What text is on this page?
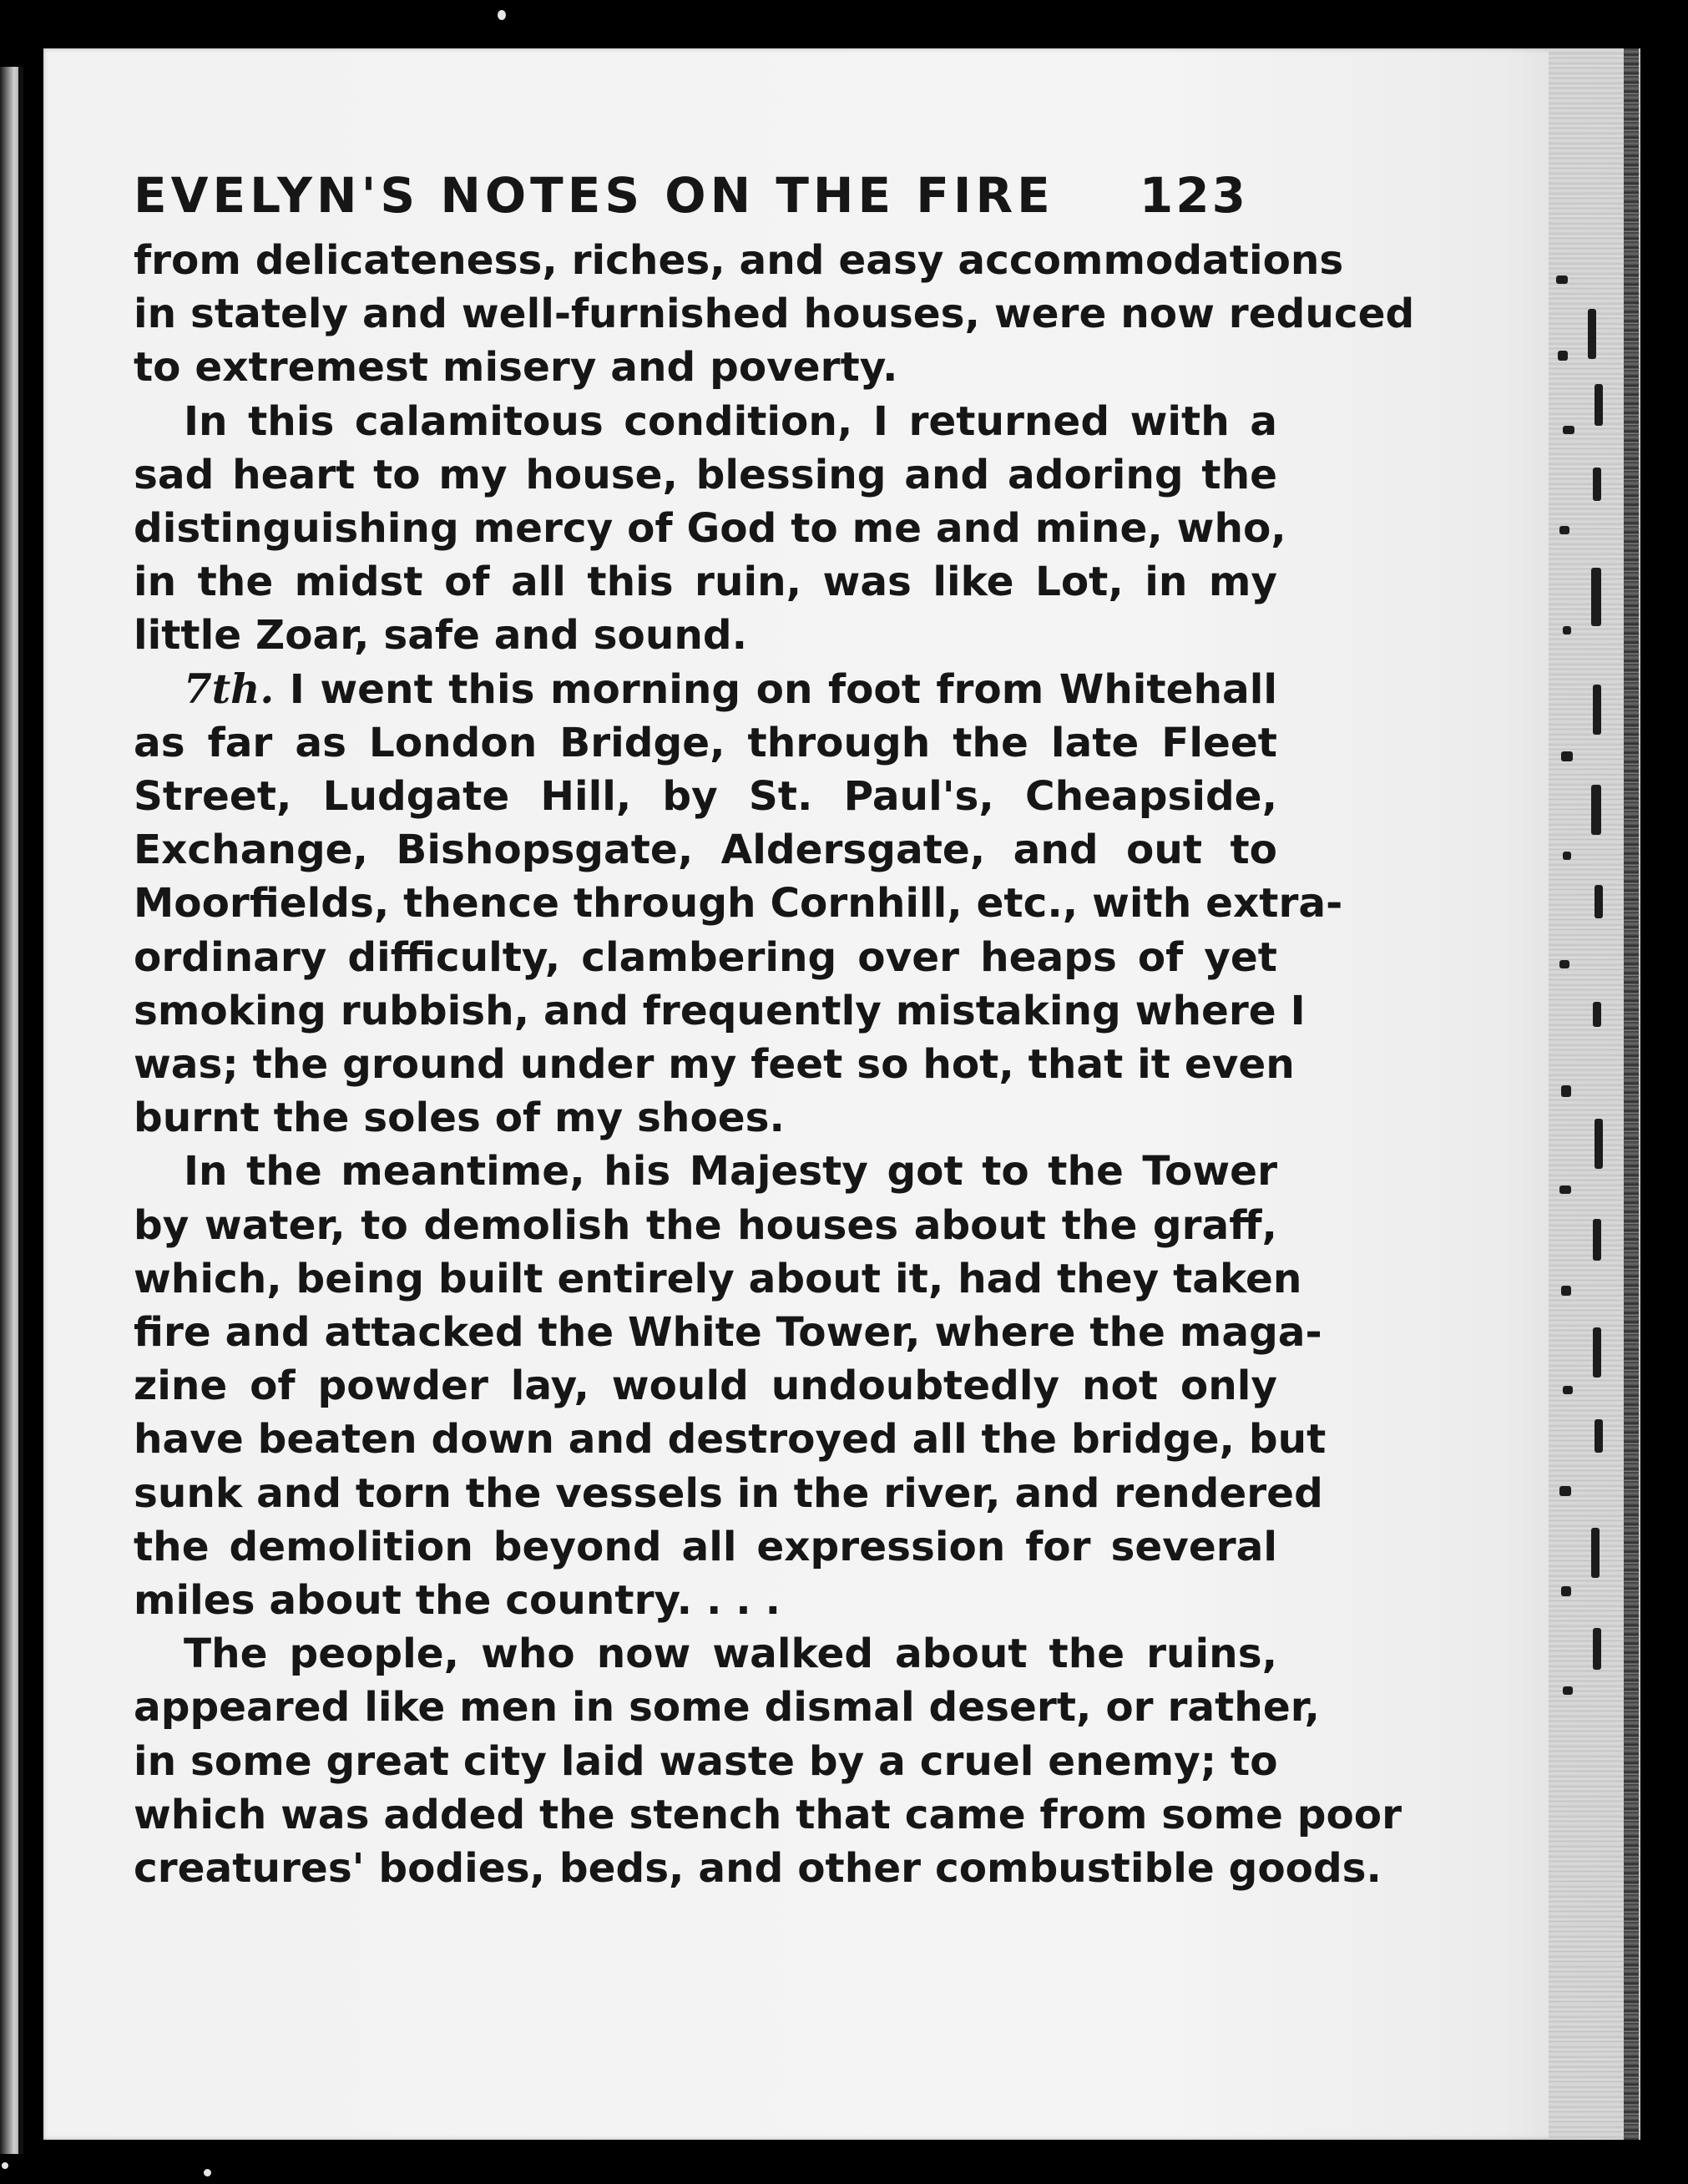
EVELYN'S NOTES ON THE FIRE 123
from delicateness, riches, and easy accommodations
in stately and well-furnished houses, were now reduced
to extremest misery and poverty.
In this calamitous condition, I returned with a
sad heart to my house, blessing and adoring the
distinguishing mercy of God to me and mine, who,
in the midst of all this ruin, was like Lot, in my
little Zoar, safe and sound.
7th. I went this morning on foot from Whitehall
as far as London Bridge, through the late Fleet
Street, Ludgate Hill, by St. Paul's, Cheapside,
Exchange, Bishopsgate, Aldersgate, and out to
Moorfields, thence through Cornhill, etc., with extra-
ordinary difficulty, clambering over heaps of yet
smoking rubbish, and frequently mistaking where I
was; the ground under my feet so hot, that it even
burnt the soles of my shoes.
In the meantime, his Majesty got to the Tower
by water, to demolish the houses about the graff,
which, being built entirely about it, had they taken
fire and attacked the White Tower, where the maga-
zine of powder lay, would undoubtedly not only
have beaten down and destroyed all the bridge, but
sunk and torn the vessels in the river, and rendered
the demolition beyond all expression for several
miles about the country. . . .
The people, who now walked about the ruins,
appeared like men in some dismal desert, or rather,
in some great city laid waste by a cruel enemy; to
which was added the stench that came from some poor
creatures' bodies, beds, and other combustible goods.
